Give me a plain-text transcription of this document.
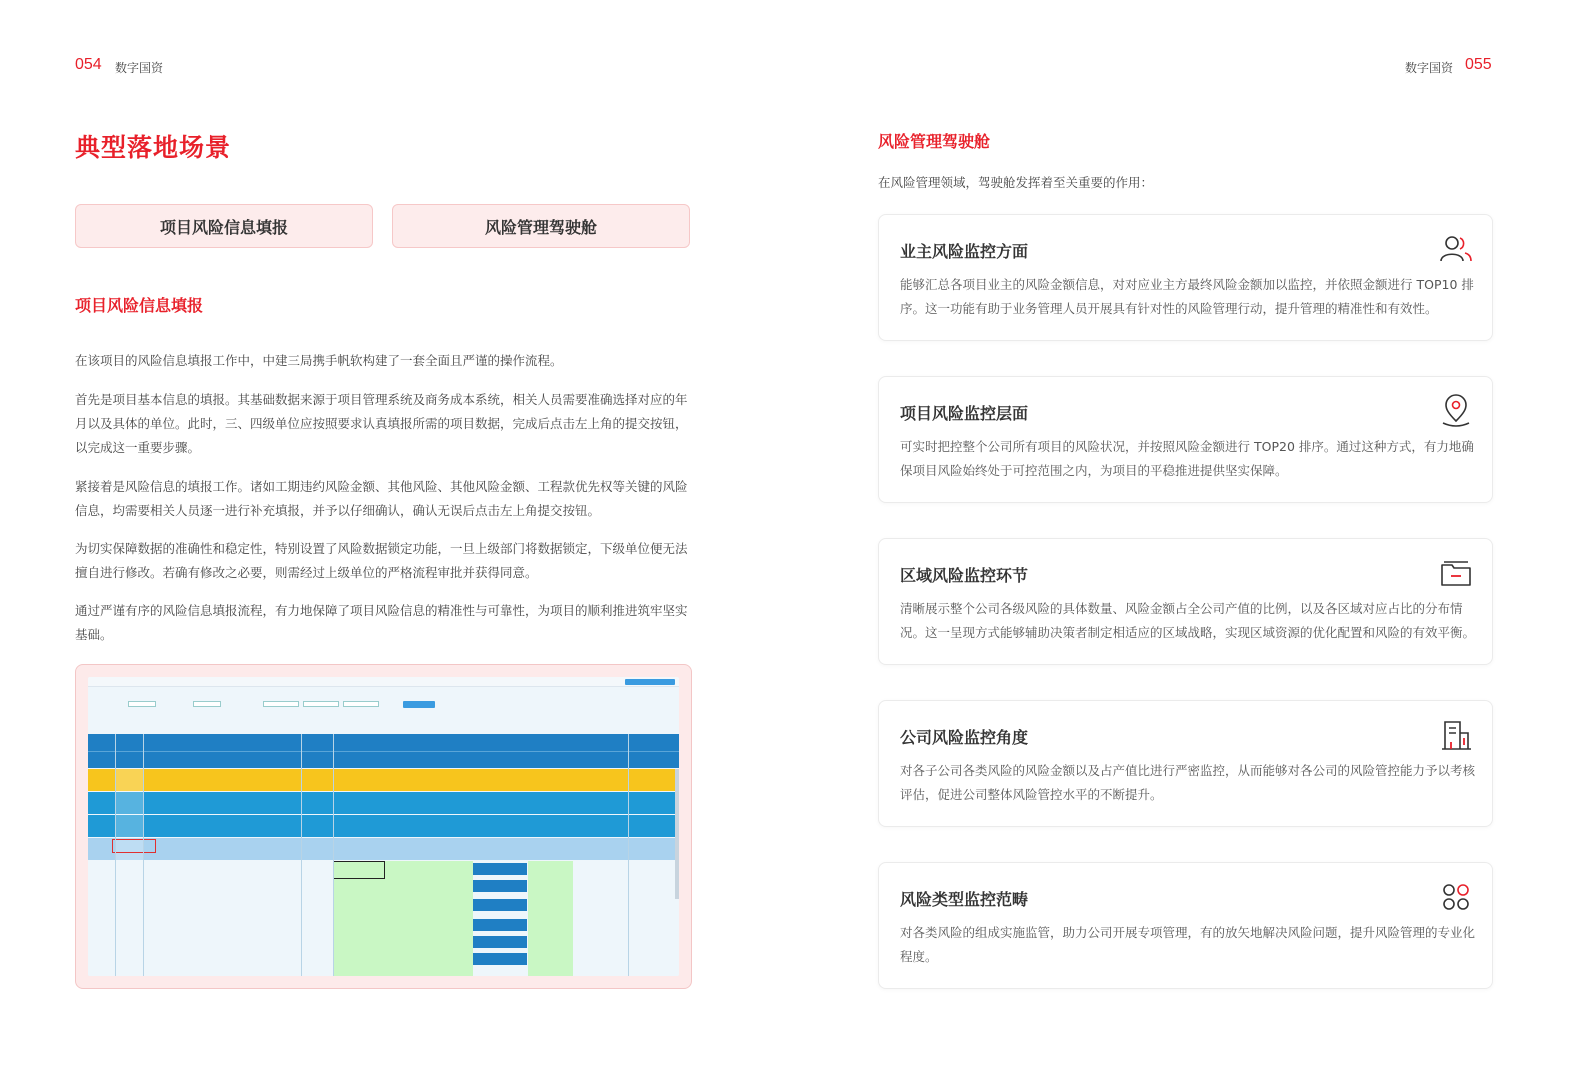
054 数字国资	数字国资 055
典型落地场景
项目风险信息填报	风险管理驾驶舱
项目风险信息填报
在该项目的风险信息填报工作中，中建三局携手帆软构建了一套全面且严谨的操作流程。
首先是项目基本信息的填报。其基础数据来源于项目管理系统及商务成本系统，相关人员需要准确选择对应的年月以及具体的单位。此时，三、四级单位应按照要求认真填报所需的项目数据，完成后点击左上角的提交按钮，以完成这一重要步骤。
紧接着是风险信息的填报工作。诸如工期违约风险金额、其他风险、其他风险金额、工程款优先权等关键的风险信息，均需要相关人员逐一进行补充填报，并予以仔细确认，确认无误后点击左上角提交按钮。
为切实保障数据的准确性和稳定性，特别设置了风险数据锁定功能，一旦上级部门将数据锁定，下级单位便无法擅自进行修改。若确有修改之必要，则需经过上级单位的严格流程审批并获得同意。
通过严谨有序的风险信息填报流程，有力地保障了项目风险信息的精准性与可靠性，为项目的顺利推进筑牢坚实基础。
风险管理驾驶舱
在风险管理领域，驾驶舱发挥着至关重要的作用：
业主风险监控方面

能够汇总各项目业主的风险金额信息，对对应业主方最终风险金额加以监控，并依照金额进行 TOP10 排序。这一功能有助于业务管理人员开展具有针对性的风险管理行动，提升管理的精准性和有效性。

项目风险监控层面

可实时把控整个公司所有项目的风险状况，并按照风险金额进行 TOP20 排序。通过这种方式，有力地确保项目风险始终处于可控范围之内，为项目的平稳推进提供坚实保障。

区域风险监控环节

清晰展示整个公司各级风险的具体数量、风险金额占全公司产值的比例，以及各区域对应占比的分布情况。这一呈现方式能够辅助决策者制定相适应的区域战略，实现区域资源的优化配置和风险的有效平衡。

公司风险监控角度

对各子公司各类风险的风险金额以及占产值比进行严密监控，从而能够对各公司的风险管控能力予以考核评估，促进公司整体风险管控水平的不断提升。

风险类型监控范畴

对各类风险的组成实施监管，助力公司开展专项管理，有的放矢地解决风险问题，提升风险管理的专业化程度。
